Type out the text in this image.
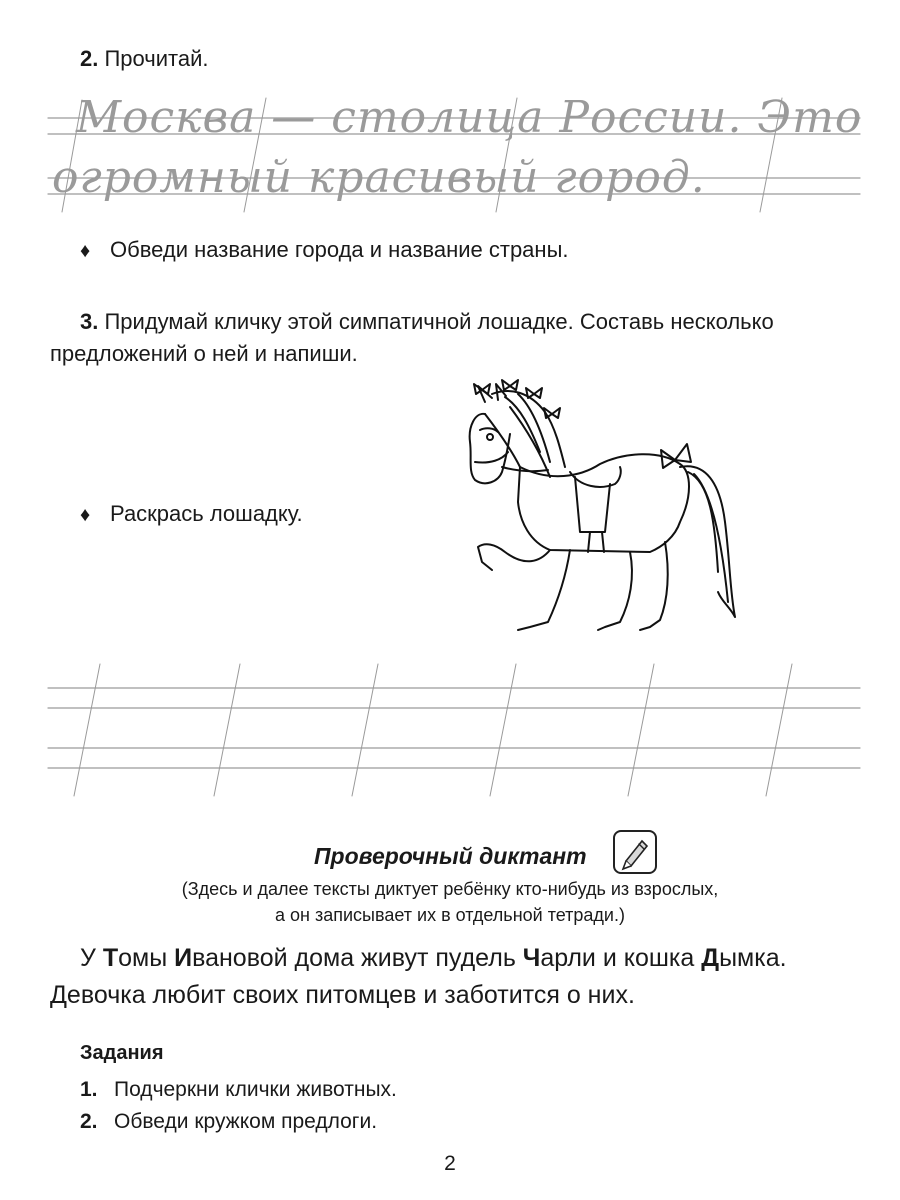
2. Прочитай.
Москва — столица России. Это
огромный красивый город.
♦ Обведи название города и название страны.
3. Придумай кличку этой симпатичной лошадке. Составь несколько
предложений о ней и напиши.
♦ Раскрась лошадку.
Проверочный диктант
(Здесь и далее тексты диктует ребёнку кто-нибудь из взрослых,
а он записывает их в отдельной тетради.)
У Томы Ивановой дома живут пудель Чарли и кошка Дымка.
Девочка любит своих питомцев и заботится о них.
Задания
1. Подчеркни клички животных.
2. Обведи кружком предлоги.
2
